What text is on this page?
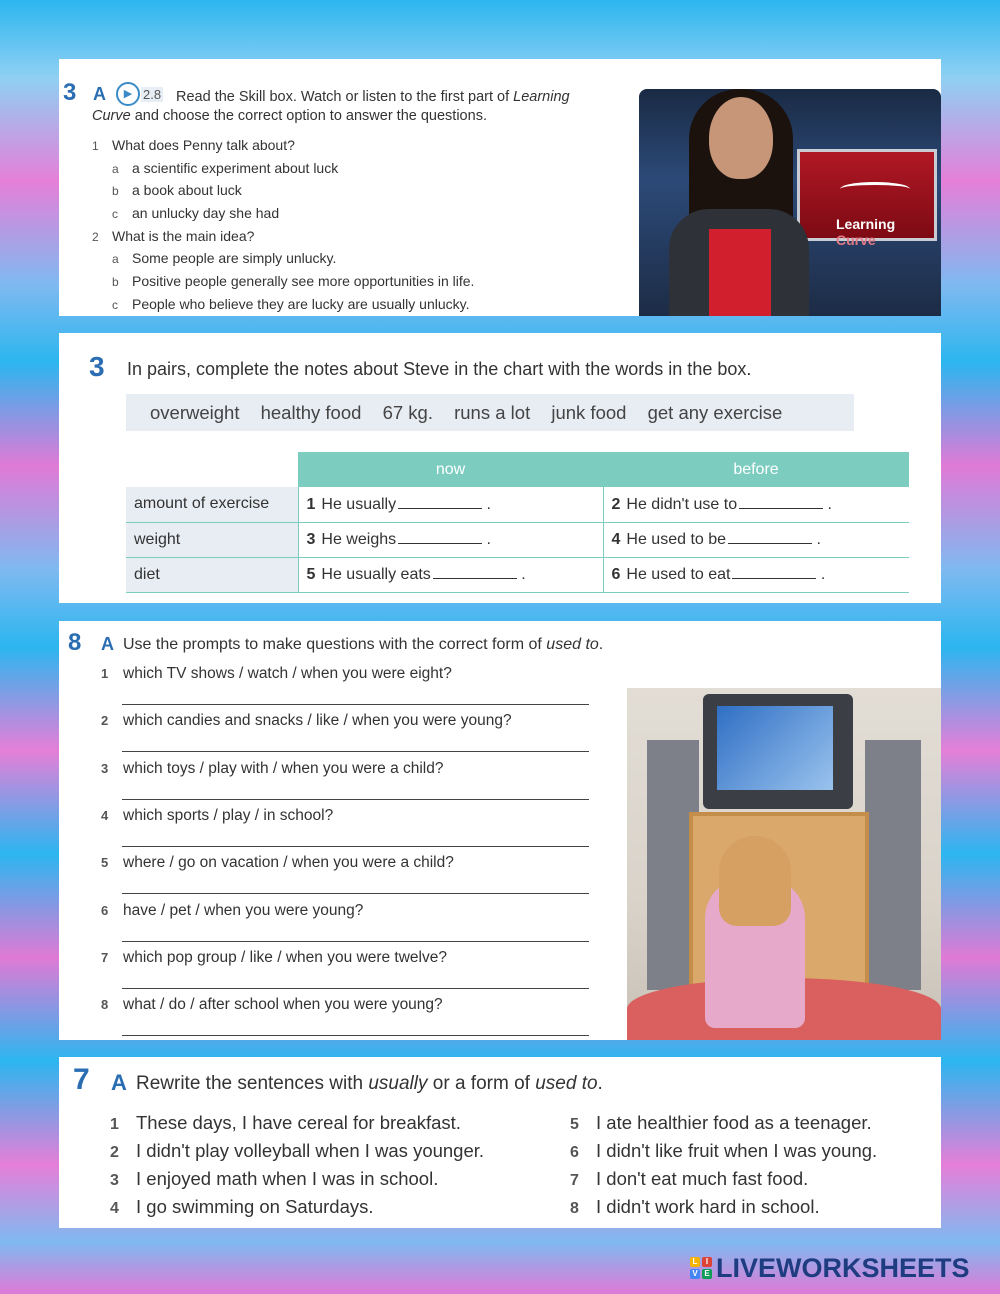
3 A	▶ 2.8 Read the Skill box. Watch or listen to the first part of Learning
Curve and choose the correct option to answer the questions.
1 What does Penny talk about?
a a scientific experiment about luck
b a book about luck
c an unlucky day she had
2 What is the main idea?
a Some people are simply unlucky.
b Positive people generally see more opportunities in life.
c People who believe they are lucky are usually unlucky.
Learning Curve
3 In pairs, complete the notes about Steve in the chart with the words in the box.
overweight healthy food 67 kg. runs a lot junk food get any exercise
	now	before
amount of exercise	1 He usually .	2 He didn't use to .
weight	3 He weighs .	4 He used to be .
diet	5 He usually eats .	6 He used to eat .
8 A Use the prompts to make questions with the correct form of used to.
1 which TV shows / watch / when you were eight?
2 which candies and snacks / like / when you were young?
3 which toys / play with / when you were a child?
4 which sports / play / in school?
5 where / go on vacation / when you were a child?
6 have / pet / when you were young?
7 which pop group / like / when you were twelve?
8 what / do / after school when you were young?
7 A Rewrite the sentences with usually or a form of used to.
1 These days, I have cereal for breakfast.
2 I didn't play volleyball when I was younger.
3 I enjoyed math when I was in school.
4 I go swimming on Saturdays.
5 I ate healthier food as a teenager.
6 I didn't like fruit when I was young.
7 I don't eat much fast food.
8 I didn't work hard in school.
L	I
V E LIVEWORKSHEETS
